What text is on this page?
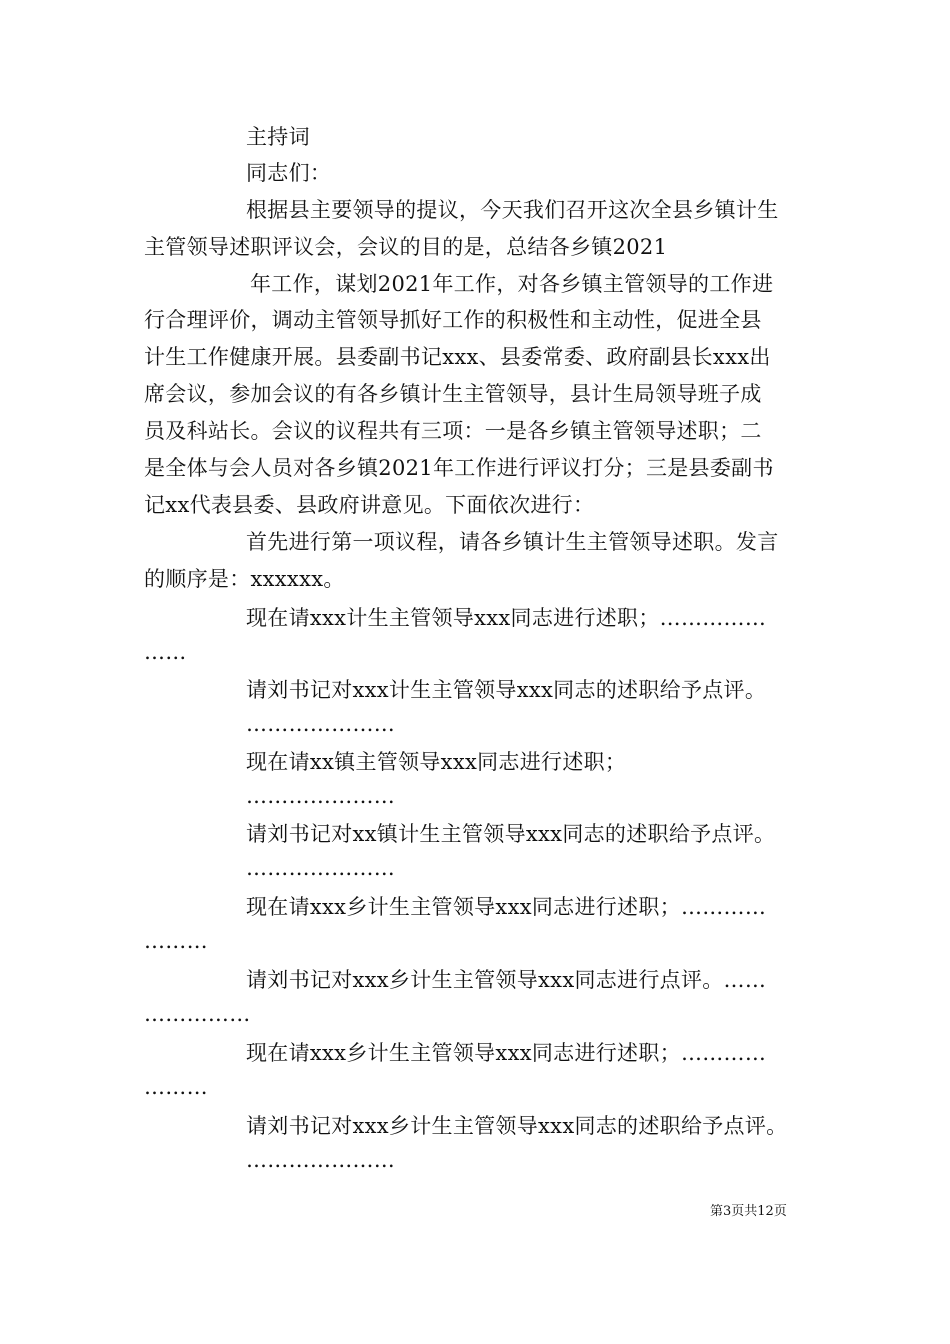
主持词
同志们：
根据县主要领导的提议，今天我们召开这次全县乡镇计生
主管领导述职评议会，会议的目的是，总结各乡镇2021
年工作，谋划2021年工作，对各乡镇主管领导的工作进
行合理评价，调动主管领导抓好工作的积极性和主动性，促进全县
计生工作健康开展。县委副书记xxx、县委常委、政府副县长xxx出
席会议，参加会议的有各乡镇计生主管领导，县计生局领导班子成
员及科站长。会议的议程共有三项：一是各乡镇主管领导述职；二
是全体与会人员对各乡镇2021年工作进行评议打分；三是县委副书
记xx代表县委、县政府讲意见。下面依次进行：
首先进行第一项议程，请各乡镇计生主管领导述职。发言
的顺序是：xxxxxx。
现在请xxx计生主管领导xxx同志进行述职；……………
……
请刘书记对xxx计生主管领导xxx同志的述职给予点评。
…………………
现在请xx镇主管领导xxx同志进行述职；
…………………
请刘书记对xx镇计生主管领导xxx同志的述职给予点评。
…………………
现在请xxx乡计生主管领导xxx同志进行述职；…………
………
请刘书记对xxx乡计生主管领导xxx同志进行点评。……
……………
现在请xxx乡计生主管领导xxx同志进行述职；…………
………
请刘书记对xxx乡计生主管领导xxx同志的述职给予点评。
…………………
第3页共12页
